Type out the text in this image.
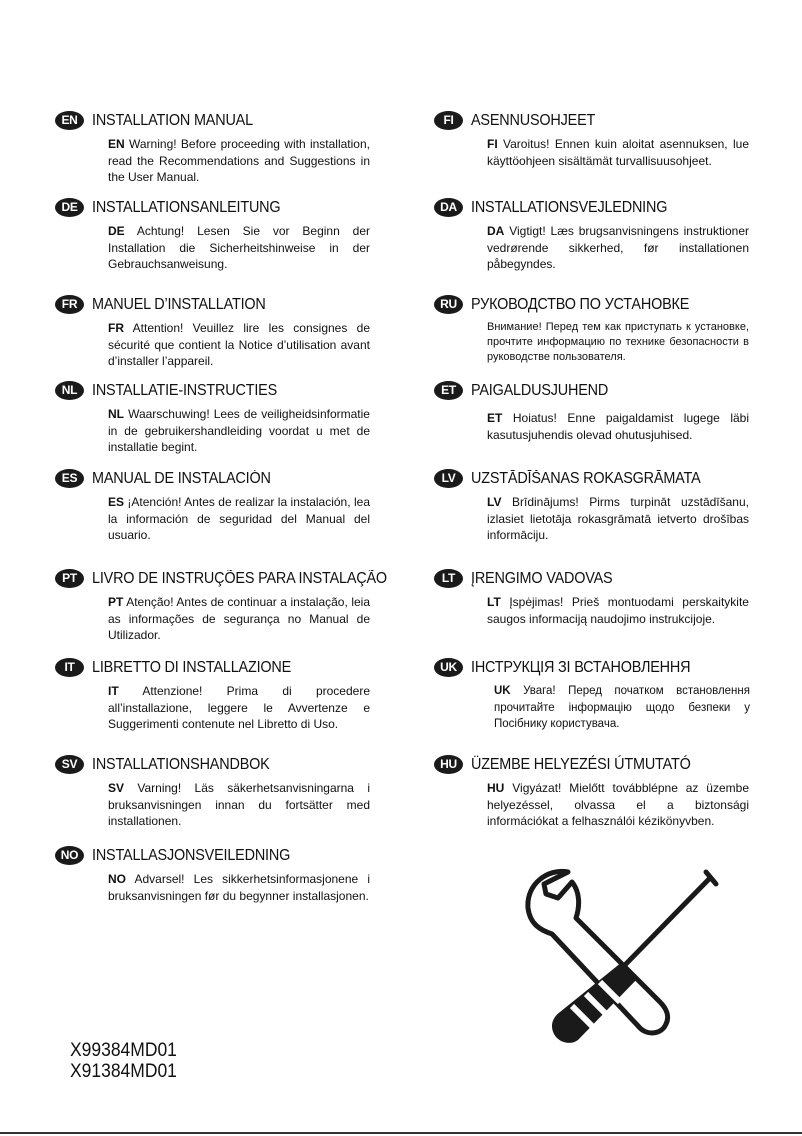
EN INSTALLATION MANUAL
EN Warning! Before proceeding with installation, read the Recommendations and Suggestions in the User Manual.
DE INSTALLATIONSANLEITUNG
DE Achtung! Lesen Sie vor Beginn der Installation die Sicherheitshinweise in der Gebrauchsanweisung.
FR MANUEL D’INSTALLATION
FR Attention! Veuillez lire les consignes de sécurité que contient la Notice d’utilisation avant d’installer l’appareil.
NL INSTALLATIE-INSTRUCTIES
NL Waarschuwing! Lees de veiligheidsinformatie in de gebruikershandleiding voordat u met de installatie begint.
ES MANUAL DE INSTALACIÓN
ES ¡Atención! Antes de realizar la instalación, lea la información de seguridad del Manual del usuario.
PT LIVRO DE INSTRUÇÕES PARA INSTALAÇÃO
PT Atenção! Antes de continuar a instalação, leia as informações de segurança no Manual de Utilizador.
IT	LIBRETTO DI INSTALLAZIONE
IT Attenzione! Prima di procedere all’installazione, leggere le Avvertenze e Suggerimenti contenute nel Libretto di Uso.
SV INSTALLATIONSHANDBOK
SV Varning! Läs säkerhetsanvisningarna i bruksanvisningen innan du fortsätter med installationen.
NO INSTALLASJONSVEILEDNING
NO Advarsel! Les sikkerhetsinformasjonene i bruksanvisningen før du begynner installasjonen.
FI	ASENNUSOHJEET
FI Varoitus! Ennen kuin aloitat asennuksen, lue käyttöohjeen sisältämät turvallisuusohjeet.
DA INSTALLATIONSVEJLEDNING
DA Vigtigt! Læs brugsanvisningens instruktioner vedrørende sikkerhed, før installationen påbegyndes.
RU РУКОВОДСТВО ПО УСТАНОВКЕ
Внимание! Перед тем как приступать к установке, прочтите информацию по технике безопасности в руководстве пользователя.
ET PAIGALDUSJUHEND
ET Hoiatus! Enne paigaldamist lugege läbi kasutusjuhendis olevad ohutusjuhised.
LV	UZSTĀDĪŠANAS ROKASGRĀMATA
LV Brīdinājums! Pirms turpināt uzstādīšanu, izlasiet lietotāja rokasgrāmatā ietverto drošības informāciju.
LT	ĮRENGIMO VADOVAS
LT Įspėjimas! Prieš montuodami perskaitykite saugos informaciją naudojimo instrukcijoje.
UK ІНСТРУКЦІЯ ЗІ ВСТАНОВЛЕННЯ
UK Увага! Перед початком встановлення прочитайте інформацію щодо безпеки у Посібнику користувача.
HU ÜZEMBE HELYEZÉSI ÚTMUTATÓ
HU Vigyázat! Mielőtt továbblépne az üzembe helyezéssel, olvassa el a biztonsági információkat a felhasználói kézikönyvben.
X99384MD01
X91384MD01
